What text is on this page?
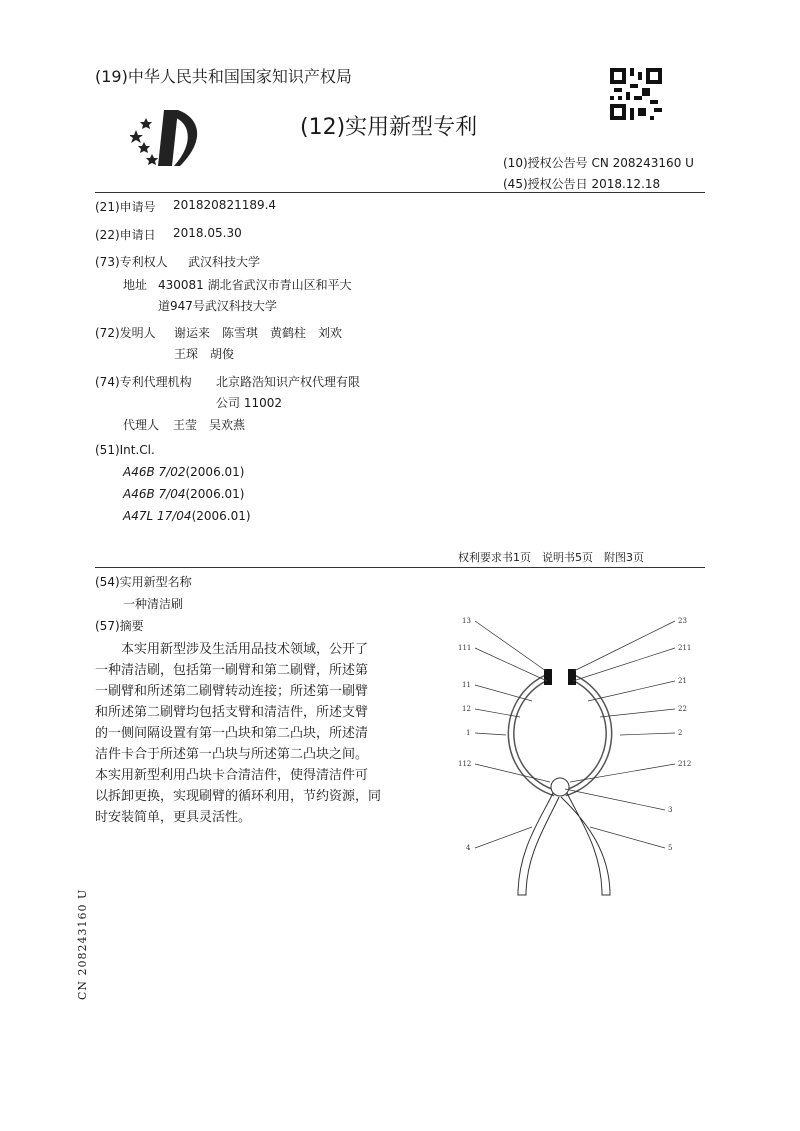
(19)中华人民共和国国家知识产权局
(12)实用新型专利
(10)授权公告号 CN 208243160 U
(45)授权公告日 2018.12.18
(21)申请号 201820821189.4
(22)申请日 2018.05.30
(73)专利权人 武汉科技大学
地址 430081 湖北省武汉市青山区和平大
道947号武汉科技大学
(72)发明人 谢运来　陈雪琪　黄鹤柱　刘欢
王琛　胡俊
(74)专利代理机构 北京路浩知识产权代理有限
公司 11002
代理人 王莹　吴欢燕
(51)Int.Cl.
A46B 7/02(2006.01)
A46B 7/04(2006.01)
A47L 17/04(2006.01)
权利要求书1页　说明书5页　附图3页
(54)实用新型名称
一种清洁刷
(57)摘要
　　本实用新型涉及生活用品技术领域，公开了
一种清洁刷，包括第一刷臂和第二刷臂，所述第
一刷臂和所述第二刷臂转动连接；所述第一刷臂
和所述第二刷臂均包括支臂和清洁件，所述支臂
的一侧间隔设置有第一凸块和第二凸块，所述清
洁件卡合于所述第一凸块与所述第二凸块之间。
本实用新型利用凸块卡合清洁件，使得清洁件可
以拆卸更换，实现刷臂的循环利用，节约资源，同
时安装简单，更具灵活性。
13
111
11
12
1
112
4
23
211
21
22
2
212
3
5
CN 208243160 U
